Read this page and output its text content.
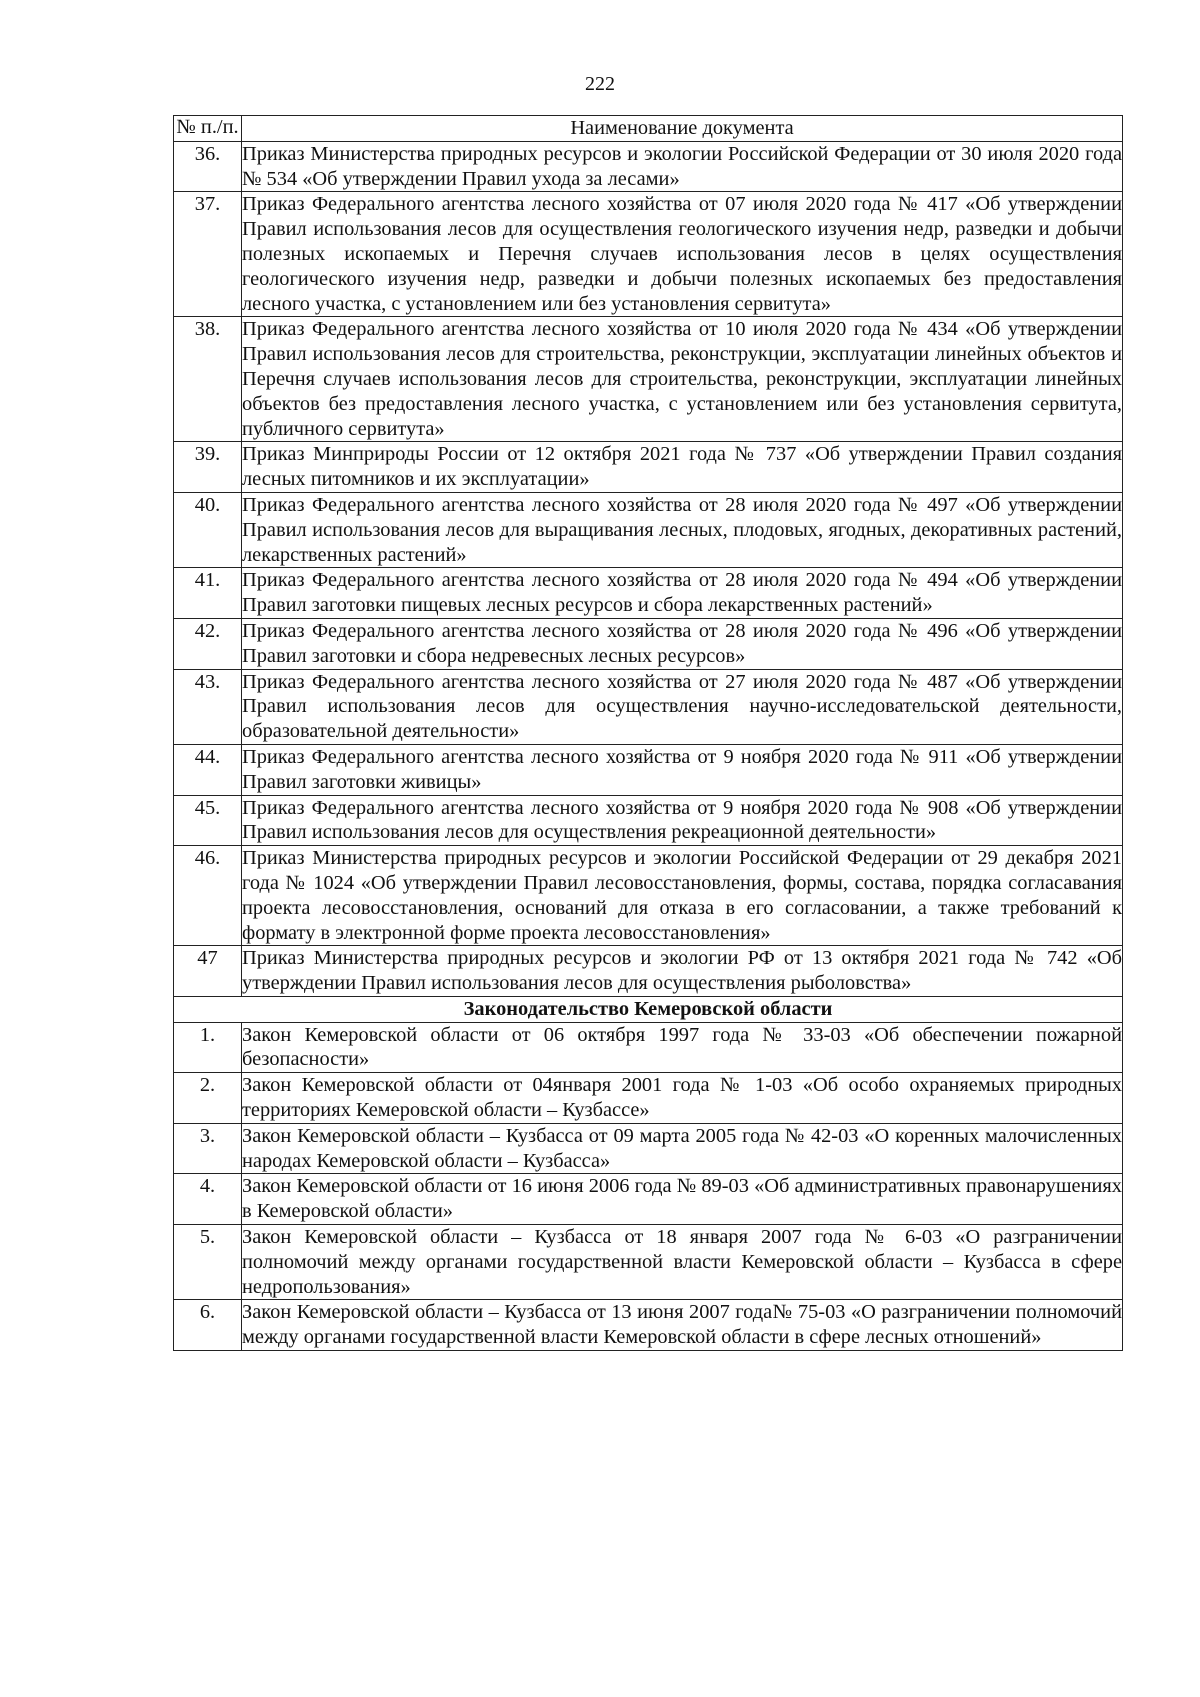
222
№ п./п.	Наименование документа
36.	Приказ Министерства природных ресурсов и экологии Российской Федерации от 30 июля 2020 года № 534 «Об утверждении Правил ухода за лесами»
37.	Приказ Федерального агентства лесного хозяйства от 07 июля 2020 года № 417 «Об утверждении Правил использования лесов для осуществления геологического изучения недр, разведки и добычи полезных ископаемых и Перечня случаев использования лесов в целях осуществления геологического изучения недр, разведки и добычи полезных ископаемых без предоставления лесного участка, с установлением или без установления сервитута»
38.	Приказ Федерального агентства лесного хозяйства от 10 июля 2020 года № 434 «Об утверждении Правил использования лесов для строительства, реконструкции, эксплуатации линейных объектов и Перечня случаев использования лесов для строительства, реконструкции, эксплуатации линейных объектов без предоставления лесного участка, с установлением или без установления сервитута, публичного сервитута»
39.	Приказ Минприроды России от 12 октября 2021 года № 737 «Об утверждении Правил создания лесных питомников и их эксплуатации»
40.	Приказ Федерального агентства лесного хозяйства от 28 июля 2020 года № 497 «Об утверждении Правил использования лесов для выращивания лесных, плодовых, ягодных, декоративных растений, лекарственных растений»
41.	Приказ Федерального агентства лесного хозяйства от 28 июля 2020 года № 494 «Об утверждении Правил заготовки пищевых лесных ресурсов и сбора лекарственных растений»
42.	Приказ Федерального агентства лесного хозяйства от 28 июля 2020 года № 496 «Об утверждении Правил заготовки и сбора недревесных лесных ресурсов»
43.	Приказ Федерального агентства лесного хозяйства от 27 июля 2020 года № 487 «Об утверждении Правил использования лесов для осуществления научно-исследовательской деятельности, образовательной деятельности»
44.	Приказ Федерального агентства лесного хозяйства от 9 ноября 2020 года № 911 «Об утверждении Правил заготовки живицы»
45.	Приказ Федерального агентства лесного хозяйства от 9 ноября 2020 года № 908 «Об утверждении Правил использования лесов для осуществления рекреационной деятельности»
46.	Приказ Министерства природных ресурсов и экологии Российской Федерации от 29 декабря 2021 года № 1024 «Об утверждении Правил лесовосстановления, формы, состава, порядка согласавания проекта лесовосстановления, оснований для отказа в его согласовании, а также требований к формату в электронной форме проекта лесовосстановления»
47	Приказ Министерства природных ресурсов и экологии РФ от 13 октября 2021 года № 742 «Об утверждении Правил использования лесов для осуществления рыболовства»
Законодательство Кемеровской области	
1.	Закон Кемеровской области от 06 октября 1997 года № 33-03 «Об обеспечении пожарной безопасности»
2.	Закон Кемеровской области от 04января 2001 года № 1-03 «Об особо охраняемых природных территориях Кемеровской области – Кузбассе»
3.	Закон Кемеровской области – Кузбасса от 09 марта 2005 года № 42-03 «О коренных малочисленных народах Кемеровской области – Кузбасса»
4.	Закон Кемеровской области от 16 июня 2006 года № 89-03 «Об административных правонарушениях в Кемеровской области»
5.	Закон Кемеровской области – Кузбасса от 18 января 2007 года № 6-03 «О разграничении полномочий между органами государственной власти Кемеровской области – Кузбасса в сфере недропользования»
6.	Закон Кемеровской области – Кузбасса от 13 июня 2007 года№ 75-03 «О разграничении полномочий между органами государственной власти Кемеровской области в сфере лесных отношений»
